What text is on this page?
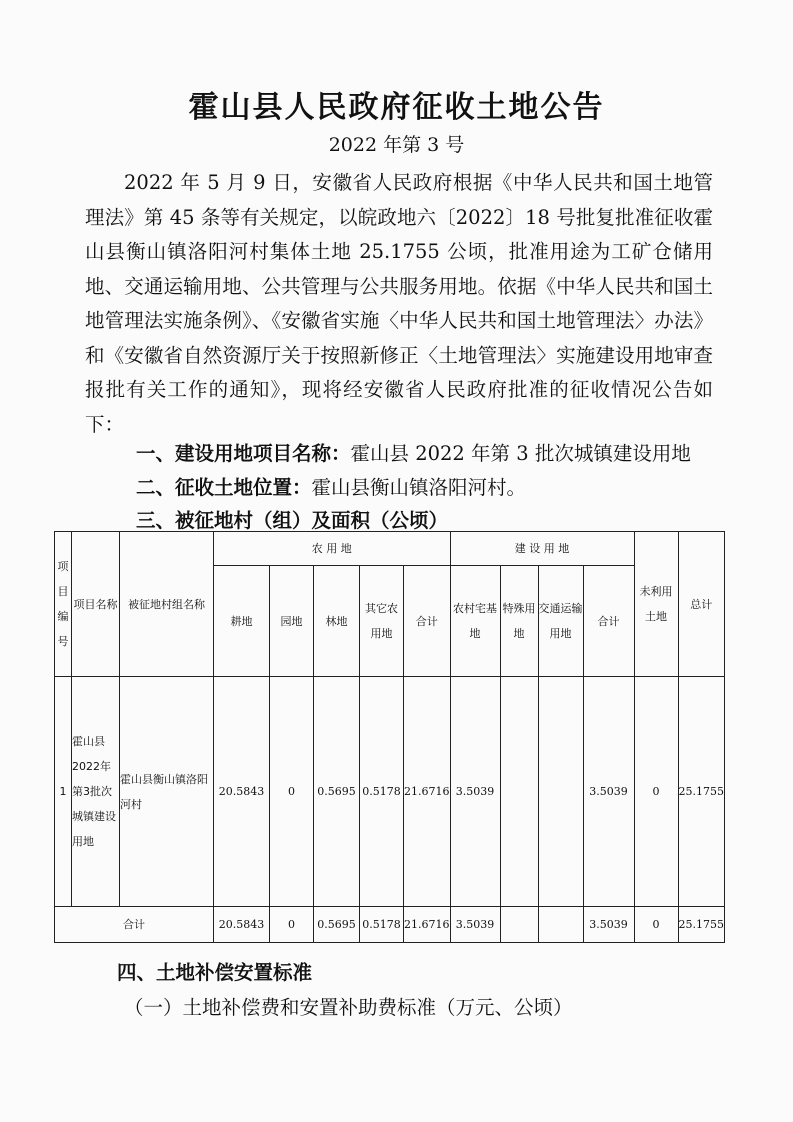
霍山县人民政府征收土地公告
2022 年第 3 号

2022 年 5 月 9 日，安徽省人民政府根据《中华人民共和国土地管理法》第 45 条等有关规定，以皖政地六〔2022〕18 号批复批准征收霍山县衡山镇洛阳河村集体土地 25.1755 公顷，批准用途为工矿仓储用地、交通运输用地、公共管理与公共服务用地。依据《中华人民共和国土地管理法实施条例》、《安徽省实施〈中华人民共和国土地管理法〉办法》和《安徽省自然资源厅关于按照新修正〈土地管理法〉实施建设用地审查报批有关工作的通知》，现将经安徽省人民政府批准的征收情况公告如下：

一、建设用地项目名称：霍山县 2022 年第 3 批次城镇建设用地
二、征收土地位置：霍山县衡山镇洛阳河村。
三、被征地村（组）及面积（公顷）
项目编号	项目名称	被征地村组名称	农 用 地					建 设 用 地				未利用土地	总计
			耕地	园地	林地	其它农用地	合计	农村宅基地	特殊用地	交通运输用地	合计		
1	霍山县2022年第3批次城镇建设用地	霍山县衡山镇洛阳河村	20.5843	0	0.5695	0.5178	21.6716	3.5039			3.5039	0	25.1755
合计			20.5843	0	0.5695	0.5178	21.6716	3.5039			3.5039	0	25.1755
四、土地补偿安置标准
（一）土地补偿费和安置补助费标准（万元、公顷）
